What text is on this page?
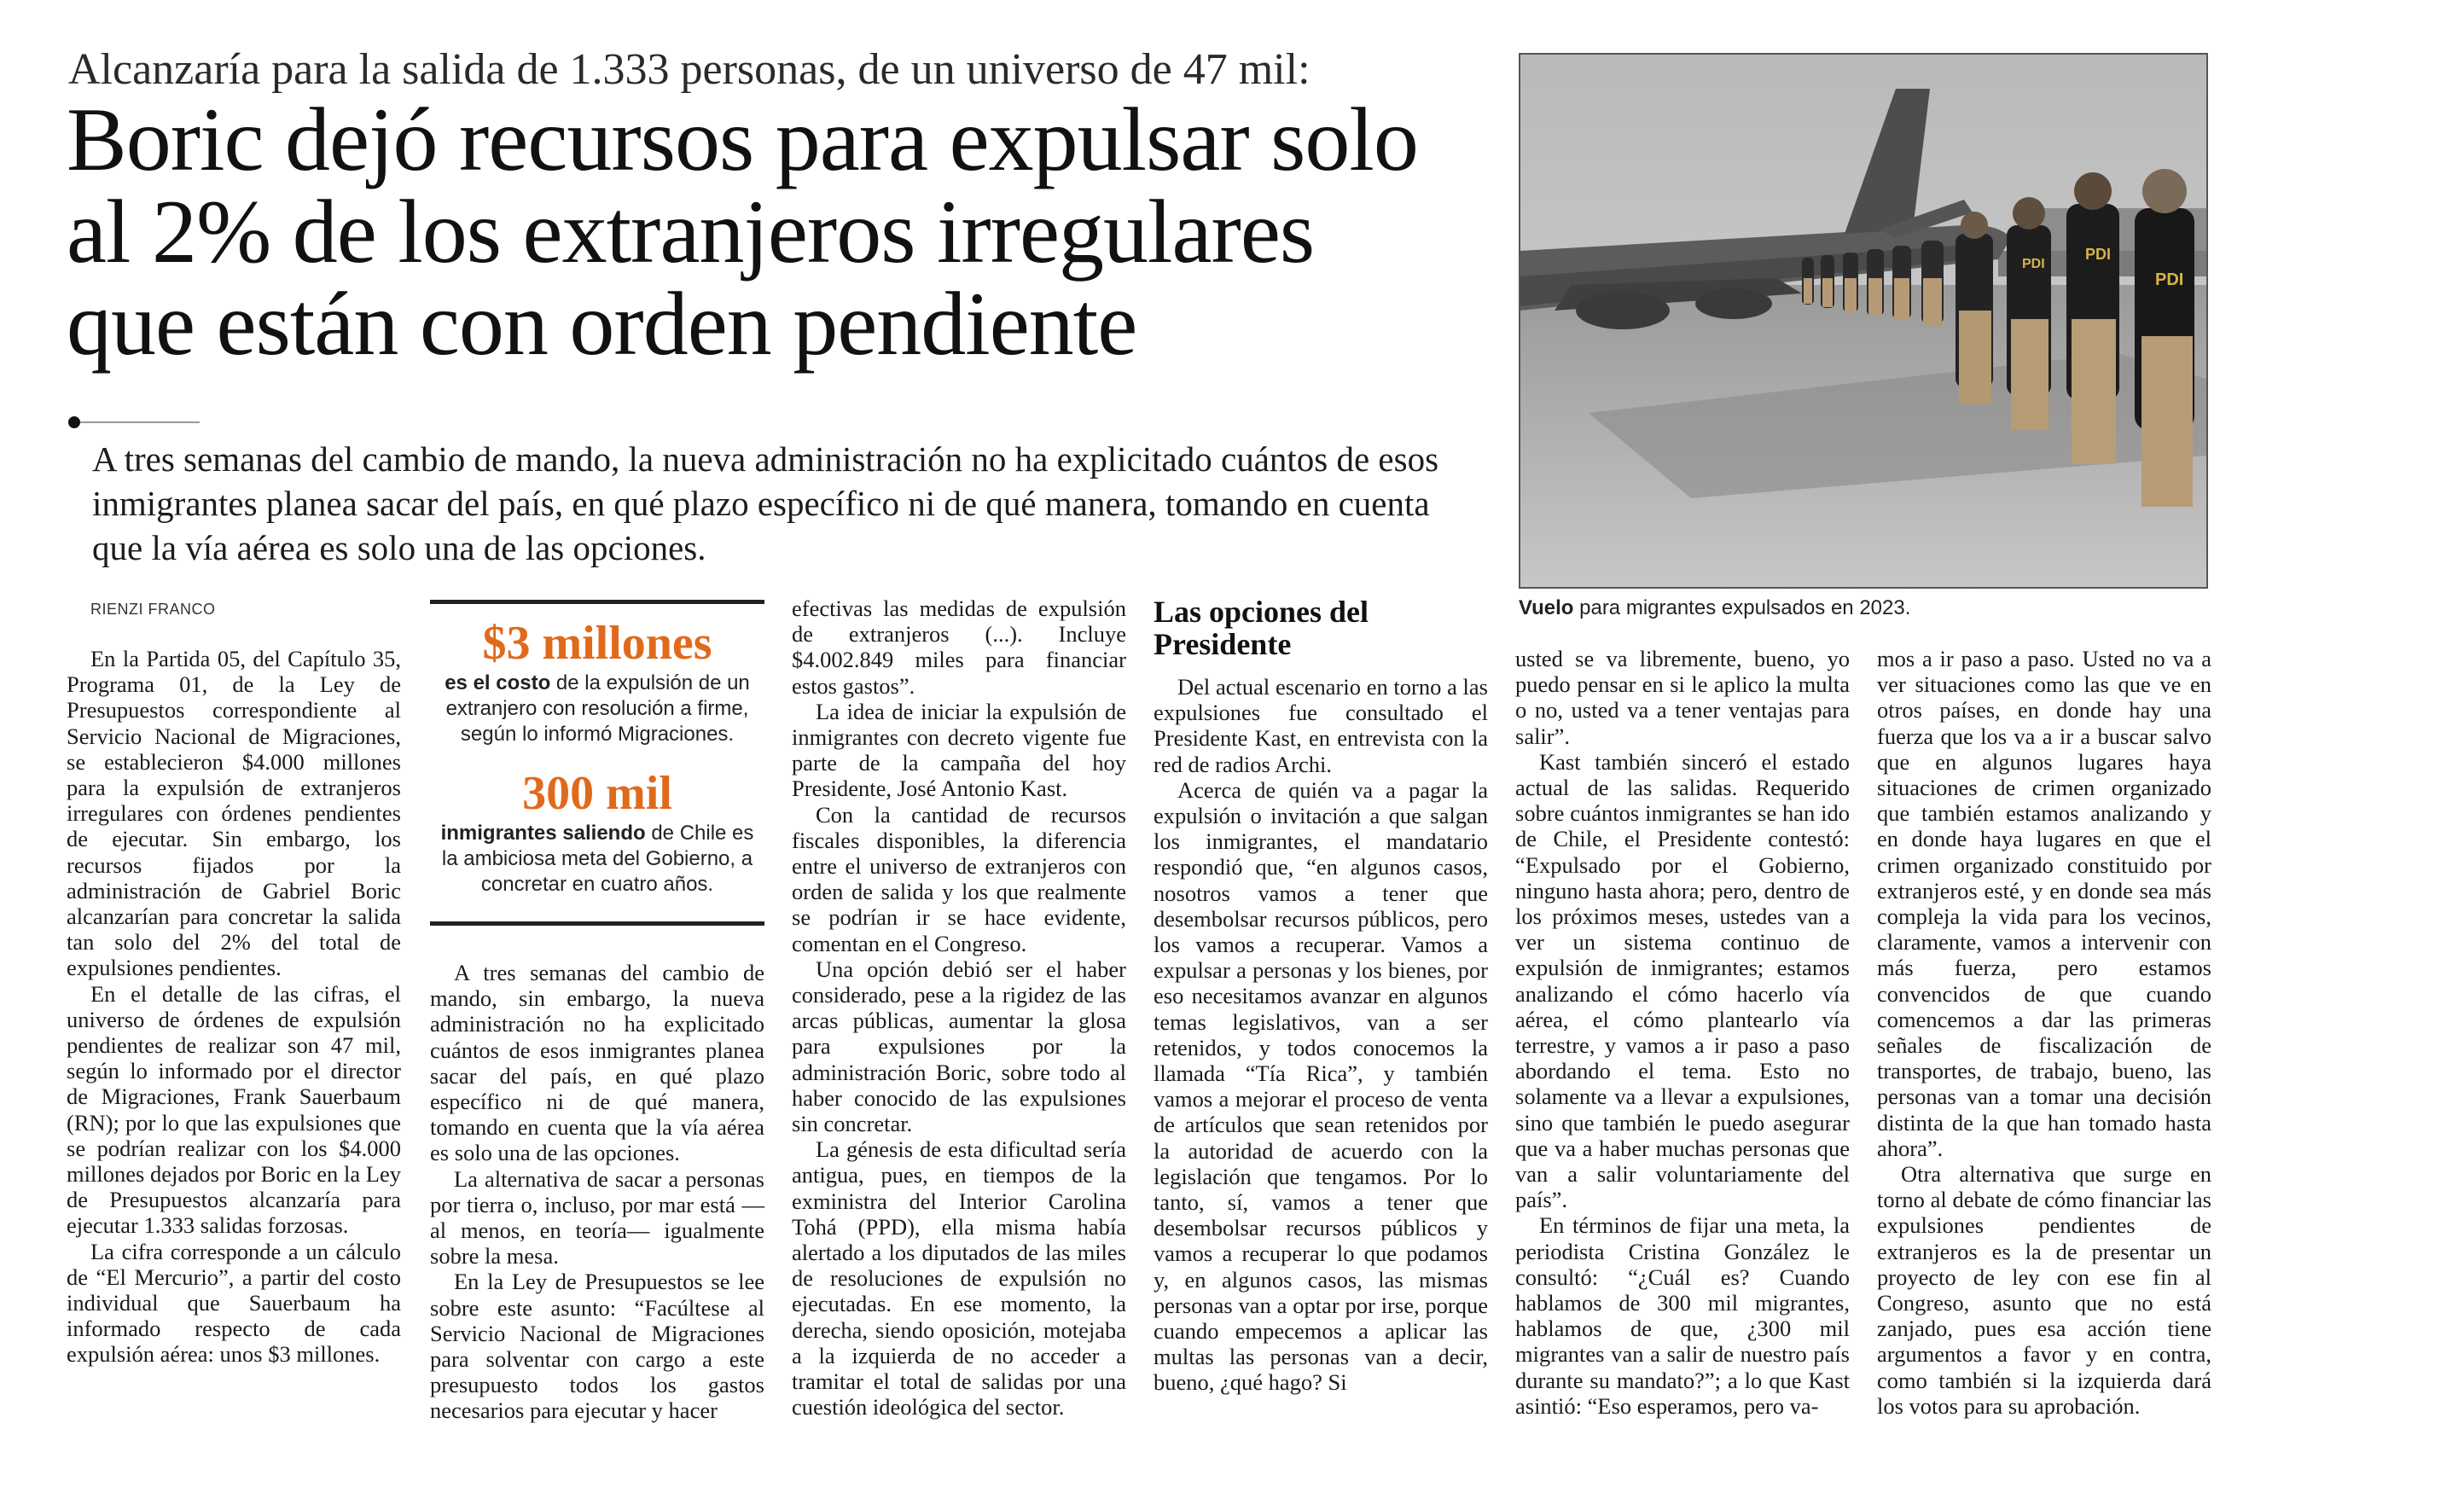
Alcanzaría para la salida de 1.333 personas, de un universo de 47 mil:
Boric dejó recursos para expulsar solo
al 2% de los extranjeros irregulares
que están con orden pendiente
A tres semanas del cambio de mando, la nueva administración no ha explicitado cuántos de esos inmigrantes planea sacar del país, en qué plazo específico ni de qué manera, tomando en cuenta que la vía aérea es solo una de las opciones.
PDI
PDI
PDI
Vuelo para migrantes expulsados en 2023.
RIENZI FRANCO

En la Partida 05, del Capítulo 35, Programa 01, de la Ley de Presupuestos correspondiente al Servicio Nacional de Migraciones, se establecieron $4.000 millones para la expulsión de extranjeros irregulares con órdenes pendientes de ejecutar. Sin embargo, los recursos fijados por la administración de Gabriel Boric alcanzarían para concretar la salida tan solo del 2% del total de expulsiones pendientes.

En el detalle de las cifras, el universo de órdenes de expulsión pendientes de realizar son 47 mil, según lo informado por el director de Migraciones, Frank Sauerbaum (RN); por lo que las expulsiones que se podrían realizar con los $4.000 millones dejados por Boric en la Ley de Presupuestos alcanzaría para ejecutar 1.333 salidas forzosas.

La cifra corresponde a un cálculo de “El Mercurio”, a partir del costo individual que Sauerbaum ha informado respecto de cada expulsión aérea: unos $3 millones.

$3 millones
es el costo de la expulsión de un extranjero con resolución a firme, según lo informó Migraciones.
300 mil
inmigrantes saliendo de Chile es la ambiciosa meta del Gobierno, a concretar en cuatro años.

A tres semanas del cambio de mando, sin embargo, la nueva administración no ha explicitado cuántos de esos inmigrantes planea sacar del país, en qué plazo específico ni de qué manera, tomando en cuenta que la vía aérea es solo una de las opciones.

La alternativa de sacar a personas por tierra o, incluso, por mar está —al menos, en teoría— igualmente sobre la mesa.

En la Ley de Presupuestos se lee sobre este asunto: “Facúltese al Servicio Nacional de Migraciones para solventar con cargo a este presupuesto todos los gastos necesarios para ejecutar y hacer

efectivas las medidas de expulsión de extranjeros (...). Incluye $4.002.849 miles para financiar estos gastos”.

La idea de iniciar la expulsión de inmigrantes con decreto vigente fue parte de la campaña del hoy Presidente, José Antonio Kast.

Con la cantidad de recursos fiscales disponibles, la diferencia entre el universo de extranjeros con orden de salida y los que realmente se podrían ir se hace evidente, comentan en el Congreso.

Una opción debió ser el haber considerado, pese a la rigidez de las arcas públicas, aumentar la glosa para expulsiones por la administración Boric, sobre todo al haber conocido de las expulsiones sin concretar.

La génesis de esta dificultad sería antigua, pues, en tiempos de la exministra del Interior Carolina Tohá (PPD), ella misma había alertado a los diputados de las miles de resoluciones de expulsión no ejecutadas. En ese momento, la derecha, siendo oposición, motejaba a la izquierda de no acceder a tramitar el total de salidas por una cuestión ideológica del sector.

Las opciones del Presidente

Del actual escenario en torno a las expulsiones fue consultado el Presidente Kast, en entrevista con la red de radios Archi.

Acerca de quién va a pagar la expulsión o invitación a que salgan los inmigrantes, el mandatario respondió que, “en algunos casos, nosotros vamos a tener que desembolsar recursos públicos, pero los vamos a recuperar. Vamos a expulsar a personas y los bienes, por eso necesitamos avanzar en algunos temas legislativos, van a ser retenidos, y todos conocemos la llamada “Tía Rica”, y también vamos a mejorar el proceso de venta de artículos que sean retenidos por la autoridad de acuerdo con la legislación que tengamos. Por lo tanto, sí, vamos a tener que desembolsar recursos públicos y vamos a recuperar lo que podamos y, en algunos casos, las mismas personas van a optar por irse, porque cuando empecemos a aplicar las multas las personas van a decir, bueno, ¿qué hago? Si

usted se va libremente, bueno, yo puedo pensar en si le aplico la multa o no, usted va a tener ventajas para salir”.

Kast también sinceró el estado actual de las salidas. Requerido sobre cuántos inmigrantes se han ido de Chile, el Presidente contestó: “Expulsado por el Gobierno, ninguno hasta ahora; pero, dentro de los próximos meses, ustedes van a ver un sistema continuo de expulsión de inmigrantes; estamos analizando el cómo hacerlo vía aérea, el cómo plantearlo vía terrestre, y vamos a ir paso a paso abordando el tema. Esto no solamente va a llevar a expulsiones, sino que también le puedo asegurar que va a haber muchas personas que van a salir voluntariamente del país”.

En términos de fijar una meta, la periodista Cristina González le consultó: “¿Cuál es? Cuando hablamos de 300 mil migrantes, hablamos de que, ¿300 mil migrantes van a salir de nuestro país durante su mandato?”; a lo que Kast asintió: “Eso esperamos, pero va-

mos a ir paso a paso. Usted no va a ver situaciones como las que ve en otros países, en donde hay una fuerza que los va a ir a buscar salvo que en algunos lugares haya situaciones de crimen organizado que también estamos analizando y en donde haya lugares en que el crimen organizado constituido por extranjeros esté, y en donde sea más compleja la vida para los vecinos, claramente, vamos a intervenir con más fuerza, pero estamos convencidos de que cuando comencemos a dar las primeras señales de fiscalización de transportes, de trabajo, bueno, las personas van a tomar una decisión distinta de la que han tomado hasta ahora”.

Otra alternativa que surge en torno al debate de cómo financiar las expulsiones pendientes de extranjeros es la de presentar un proyecto de ley con ese fin al Congreso, asunto que no está zanjado, pues esa acción tiene argumentos a favor y en contra, como también si la izquierda dará los votos para su aprobación.
